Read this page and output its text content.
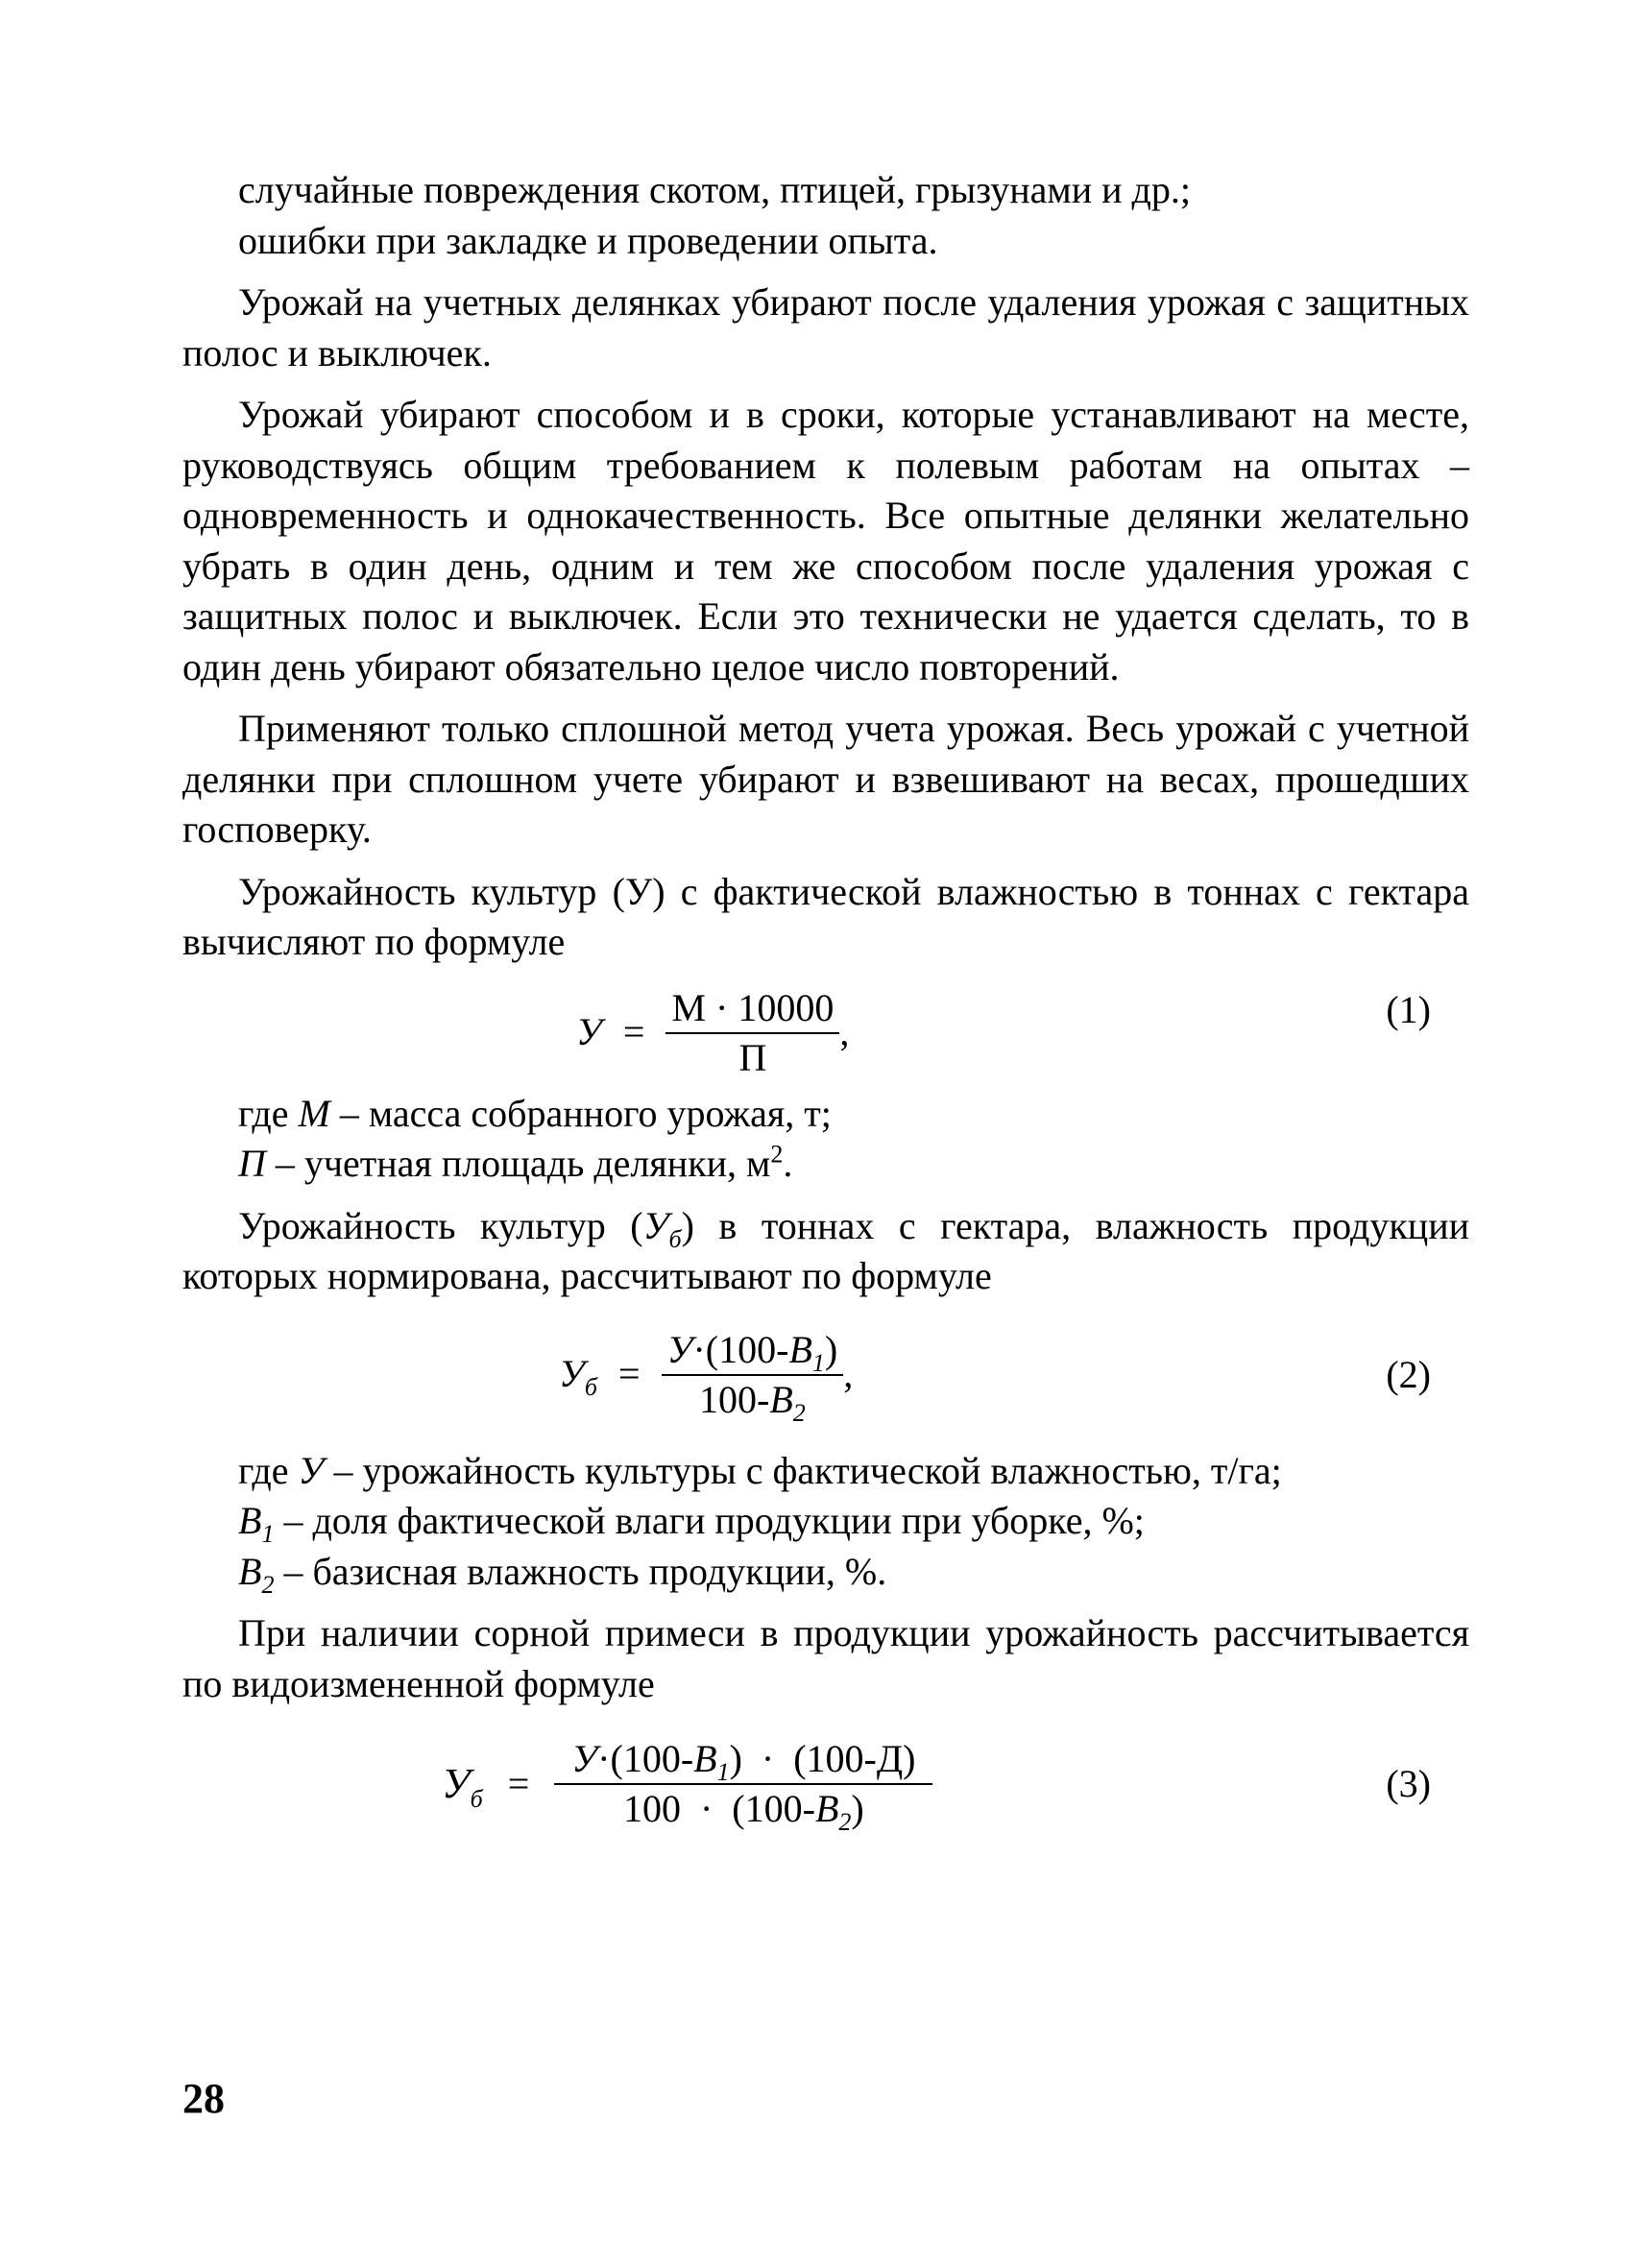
случайные повреждения скотом, птицей, грызунами и др.;

ошибки при закладке и проведении опыта.

Урожай на учетных делянках убирают после удаления урожая с защитных полос и выключек.

Урожай убирают способом и в сроки, которые устанавливают на месте, руководствуясь общим требованием к полевым работам на опытах – одновременность и однокачественность. Все опытные делянки желательно убрать в один день, одним и тем же способом после удаления урожая с защитных полос и выключек. Если это технически не удается сделать, то в один день убирают обязательно целое число повторений.

Применяют только сплошной метод учета урожая. Весь урожай с учетной делянки при сплошном учете убирают и взвешивают на весах, прошедших госповерку.

Урожайность культур (У) с фактической влажностью в тоннах с гектара вычисляют по формуле

$У = \frac{М \cdot 10000}{П}$ ,
(1)

где М – масса собранного урожая, т;

П – учетная площадь делянки, $м^2$.

Урожайность культур $(У_б)$ в тоннах с гектара, влажность продукции которых нормирована, рассчитывают по формуле

$У_б = \frac{У\cdot(100-В_1)}{100-В_2}$ ,	(2)

где У – урожайность культуры с фактической влажностью, т/га;

$В_1$ – доля фактической влаги продукции при уборке, %;

$В_2$ – базисная влажность продукции, %.

При наличии сорной примеси в продукции урожайность рассчитывается по видоизмененной формуле

$У_б = \frac{У\cdot(100-В_1) \cdot (100-Д)}{100 \cdot (100-В_2)}$	(3)
28
